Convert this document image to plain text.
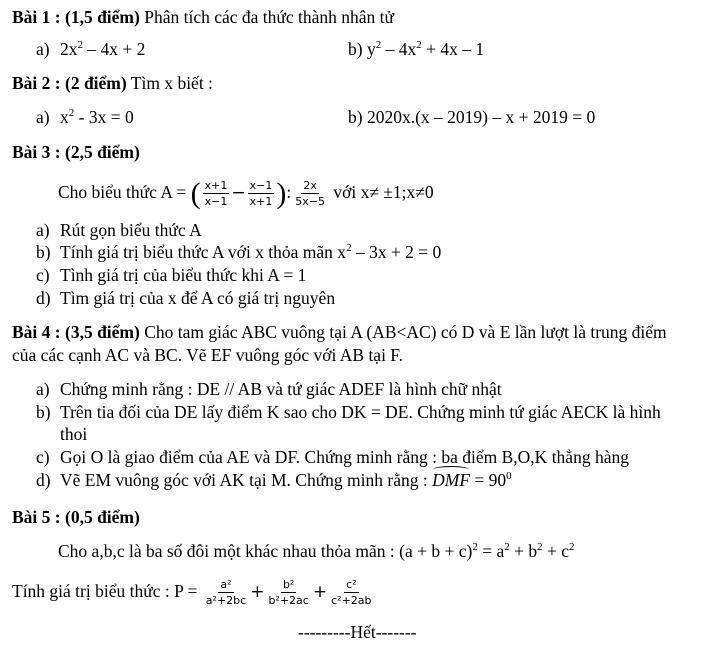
Bài 1 : (1,5 điểm) Phân tích các đa thức thành nhân tử
a) $2x^2 - 4x + 2$	b) $y^2 - 4x^2 + 4x - 1$
Bài 2 : (2 điểm) Tìm x biết :
a) $x^2 - 3x = 0$	b) 2020x.(x – 2019) – x + 2019 = 0
Bài 3 : (2,5 điểm)
Cho biểu thức A = ( $\frac{x+1}{x-1} - \frac{x-1}{x+1}$ ): $\frac{2x}{5x-5}$ với x≠ ±1;x≠0
a) Rút gọn biểu thức A
b) Tính giá trị biểu thức A với x thỏa mãn $x^2 - 3x + 2 = 0$
c) Tình giá trị của biểu thức khi A = 1
d) Tìm giá trị của x để A có giá trị nguyên
Bài 4 : (3,5 điểm) Cho tam giác ABC vuông tại A (AB<AC) có D và E lần lượt là trung điểm
của các cạnh AC và BC. Vẽ EF vuông góc với AB tại F.
a) Chứng minh rằng : DE // AB và tứ giác ADEF là hình chữ nhật
b) Trên tia đối của DE lấy điểm K sao cho DK = DE. Chứng minh tứ giác AECK là hình
thoi
c) Gọi O là giao điểm của AE và DF. Chứng minh rằng : ba điểm B,O,K thẳng hàng
d) Vẽ EM vuông góc với AK tại M. Chứng minh rằng : DMF = $90^0$
Bài 5 : (0,5 điểm)
Cho a,b,c là ba số đôi một khác nhau thỏa mãn : $(a + b + c)^2 = a^2 + b^2 + c^2$
Tính giá trị biểu thức : $P = \frac{\text{a²}}{\text{a²+2bc}} + \frac{\text{b²}}{\text{b²+2ac}} + \frac{\text{c²}}{\text{c²+2ab}}$
---------Hết-------
